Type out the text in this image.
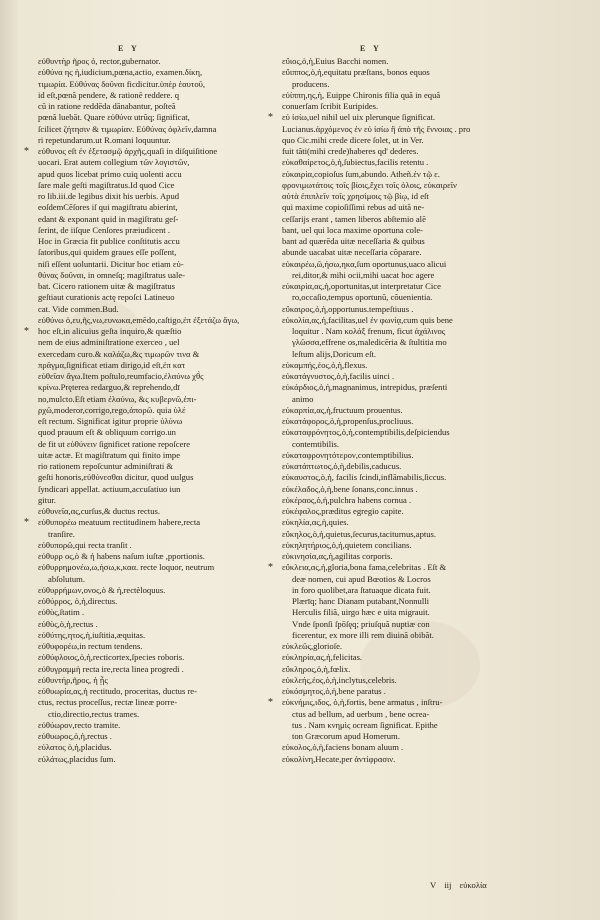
E Y	E Y
εὐθυντὴρ ῆρος ὁ, rector,gubernator.
εὐθύνα ης ἡ,iudicium,pœna,actio, examen.δίκη,
τιμωρία. Εὐθύνας δοῦναι ficdicitur.ὑπὲρ ἑαυτοῦ,
id eſt,pœnã pendere, & rationē reddere. q
cũ in ratione reddēda dānabantur, poſteã
pœnã luebāt. Quare εὐθύνα utrũq; ſignificat,
ſcilicet ζήτησιν & τιμωρίαν. Εὐθύνας ὀφλεῖν,damna
ri repetundarum.ut R.omani loquuntur.
* εὐθυνος eſt ἐν ἐξετασμῷ ἀρχῆς,quaſi in diſquiſitione
uocari. Erat autem collegium τῶν λογιστῶν,
apud quos licebat primo cuiq uolenti accu
ſare male geſti magiſtratus.Id quod Cice
ro lib.iii.de legibus dixit his uerbis. Apud
eoſdemCẽſores iſ qui magiſtratu abierint,
edant & exponant quid in magiſtratu geſ-
ſerint, de iiſque Cenſores præiudicent .
Hoc in Græcia fit publice conſtitutis accu
ſatoribus,qui quidem graues eſſe poſſent,
niſi eſſent uoluntarii. Dicitur hoc etiam εὐ-
θύνας δοῦναι, in omneſq; magiſtratus uale-
bat. Cicero rationem uitæ & magiſtratus
geſtiaut curationis actę repoſci Latineuo
cat. Vide commen.Bud.
εὐθύνω ὁ,ευ,ῆς,νω,ευνωκα,emēdo,caſtigo,ἐπ ἐξετάζω ἄγω,
* hoc eſt,in alicuius geſta inquiro,& quæſtio
nem de eius adminiſtratione exerceo , uel
exercedam curo.& καλάζω,&ς τιμωρῶν τινα &
πρᾶγμα,ſignificat etiam dirigo,id eſt,ἐπ κατ
εὐθεῖαν ἄγω.Item poſtulo,reumfacio,ἐλαύνω χθ̀ς
κρίνω.Pręterea redarguo,& reprehendo,dī
no,mulcto.Eſt etiam ἐλαύνω, &ς κυβερνῶ,ἐπι-
ρχῶ,moderor,corrigo,rego,ἀπορῶ. quia ὑλέ
eſt rectum. Significat igitur proprie ὑλύνω
quod prauum eſt & obliquum corrigo.un
de fit ut εὐθύνειν ſignificet ratione repoſcere
uitæ actæ. Et magiſtratum qui finito impe
rio rationem repoſcuntur adminiſtrati &
geſti honoris,εὐθύνεσθαι dicitur, quod uulgus
ſyndicari appellat. actiuum,accuſatiuo iun
gitur.
εὐθυνεῖα,ας,curſus,& ductus rectus.
* εὐθυπορέω meatuum rectitudinem habere,recta
tranſire.
εὐθυπορῶ,qui recta tranſit .
εὐθυρρ ος,ὁ & ἡ habens naſum iuſtæ ,pportionis.
εὐθυρρημονέω,ω,ήσω,κ,καα. recte loquor, neutrum
abſolutum.
εὐθυρρήμων,ονος,ὁ & ἡ,rectèloquus.
εὐθύρρος, ὁ,ἡ,directus.
εὐθὺς,ſtatim .
εὐθὺς,ὁ,ἡ,rectus .
εὐθύτης,ητος,ἡ,iuſtitia,æquitas.
εὐθυφορέω,in rectum tendens.
εὐθύφλοιος,ὁ,ἡ,recticortex,ſpecies roboris.
εὐθυγραμμὴ recta ire,recta linea progredi .
εὐθυντήρ,ῆρος, ἡ ᾗς
εὐθυωρία,ας,ἡ rectitudo, proceritas, ductus re-
ctus, rectus proceſſus, rectæ lineæ porre-
ctio,directio,rectus trames.
εὐθύωρον,recto tramite.
εὐθυωρος,ὁ,ἡ,rectus .
εὐλατος ὁ,ἡ,placidus.
εὐλάτως,placidus ſum.
εὔιος,ὁ,ἡ,Euius Bacchi nomen.
εὔιππος,ὁ,ἡ,equitatu præſtans, bonos equos
producens.
εὐίππη,ης,ἡ, Euippe Chironis filia quã in equã
conuerſam ſcribit Euripides.
* εὐ ἰσίω,uel nihil uel uix plerunque ſignificat.
Lucianus.ἀρχόμενος ἐν εὐ ἰσίω ἢ ἀπὸ τῆς ἔννοιας . pro
quo Cic.mihi crede dicere ſolet, ut in Ver.
fuit tãti(mihi crede)haberes qd' dederes.
εὐκαθαίρετος,ὁ,ἡ,ſubiectus,facilis retentu .
εὐκαιρία,copioſus ſum,abundo. Atheñ.ἐν τῷ ε.
φρονιμωτάτοις τοῖς βίοις,ἔχει τοῖς ὁλοις, εὐκαιρεῖν
αὐτὰ ἐπιπλεῖν τοῖς χρησίμοις τῷ βίῳ, id eſt
qui maxime copioſiſſimi rebus ad uitã ne-
ceſſarijs erant , tamen liberos abſtemio alē
bant, uel qui loca maxime oportuna cole-
bant ad quærēda uitæ neceſſaria & quibus
abunde uacabat uitæ neceſſaria cõparare.
εὐκαιρέω,ῶ,ήσω,ηκα,ſum oportunus,uaco alicui
rei,ditor,& mihi ocii,mihi uacat hoc agere
εὐκαιρία,ας,ἡ,oportunitas,ut interpretatur Cice
ro,occaſio,tempus oportunũ, cõuenientia.
εὔκαιρος,ὁ,ἡ,opportunus.tempeſtiuus .
εὐκολία,ας,ἡ,facilitas,uel ἐν φωνίᾳ,cum quis bene
loquitur . Nam κολάξ frenum, ficut ἀχάλινος
γλῶσσα,effrene os,maledicēria & ſtultitia mo
leſtum alijs,Doricum eſt.
εὐκαμπής,ἐος,ὁ,ἡ,flexus.
εὐκατάγνυστος,ὁ,ἡ,facilis uinci .
εὐκάρδιος,ὁ,ἡ,magnanimus, intrepidus, præſenti
animo
εὐκαρπία,ας,ἡ,fructuum prouentus.
εὐκατάφορος,ὁ,ἡ,propenſus,procliuus.
εὐκαταφρόνητος,ὁ,ἡ,contemptibilis,deſpiciendus
contemtibilis.
εὐκαταφρονητότερον,contemptibilius.
εὐκατάπτωτος,ὁ,ἡ,debilis,caducus.
εὐκαυστος,ὁ,ἡ, facilis ſcindi,inflāmabilis,ſiccus.
εὐκέλαδος,ὁ,ἡ,bene ſonans,conc.innus .
εὐκέραος,ὁ,ἡ,pulchra habens cornua .
εὐκέφαλος,præditus egregio capite.
εὐκηλία,ας,ἡ,quies.
εὔκηλος,ὁ,ἡ,quietus,ſecurus,taciturnus,aptus.
εὐκηλητήριος,ὁ,ἡ,quietem concilians.
εὐκινησία,ας,ἡ,agilitas corporis.
* εὔκλεια,ας,ἡ,gloria,bona fama,celebritas . Eſt &
deæ nomen, cui apud Bœotios & Locros
in foro quolibet,ara ſtatuaque dicata fuit.
Plærīq; hanc Dianam putabant,Nonnulli
Herculis filiã, uirgo hæc e uita migrauit.
Vnde ſponſi ſpōſęq; priuſquã nuptiæ con
ficerentur, ex more illi rem diuinã obibãt.
εὐκλεῶς,glorioſe.
εὐκληρία,ας,ἡ,felicitas.
εὔκληρος,ὁ,ἡ,fœlix.
εὐκλεής,ἐος,ὁ,ἡ,inclytus,celebris.
εὐκόσμητος,ὁ,ἡ,bene paratus .
* εὐκνήμις,ιδος, ὁ,ἡ,fortis, bene armatus , inſtru-
ctus ad bellum, ad uerbum , bene ocrea-
tus . Nam κνημὶς ocream ſignificat. Epithe
ton Græcorum apud Homerum.
εὐκολος,ὁ,ἡ,faciens bonam aluum .
εὐκολίνη,Hecate,per ἀντίφρασιν.
V iij εὐκολία
